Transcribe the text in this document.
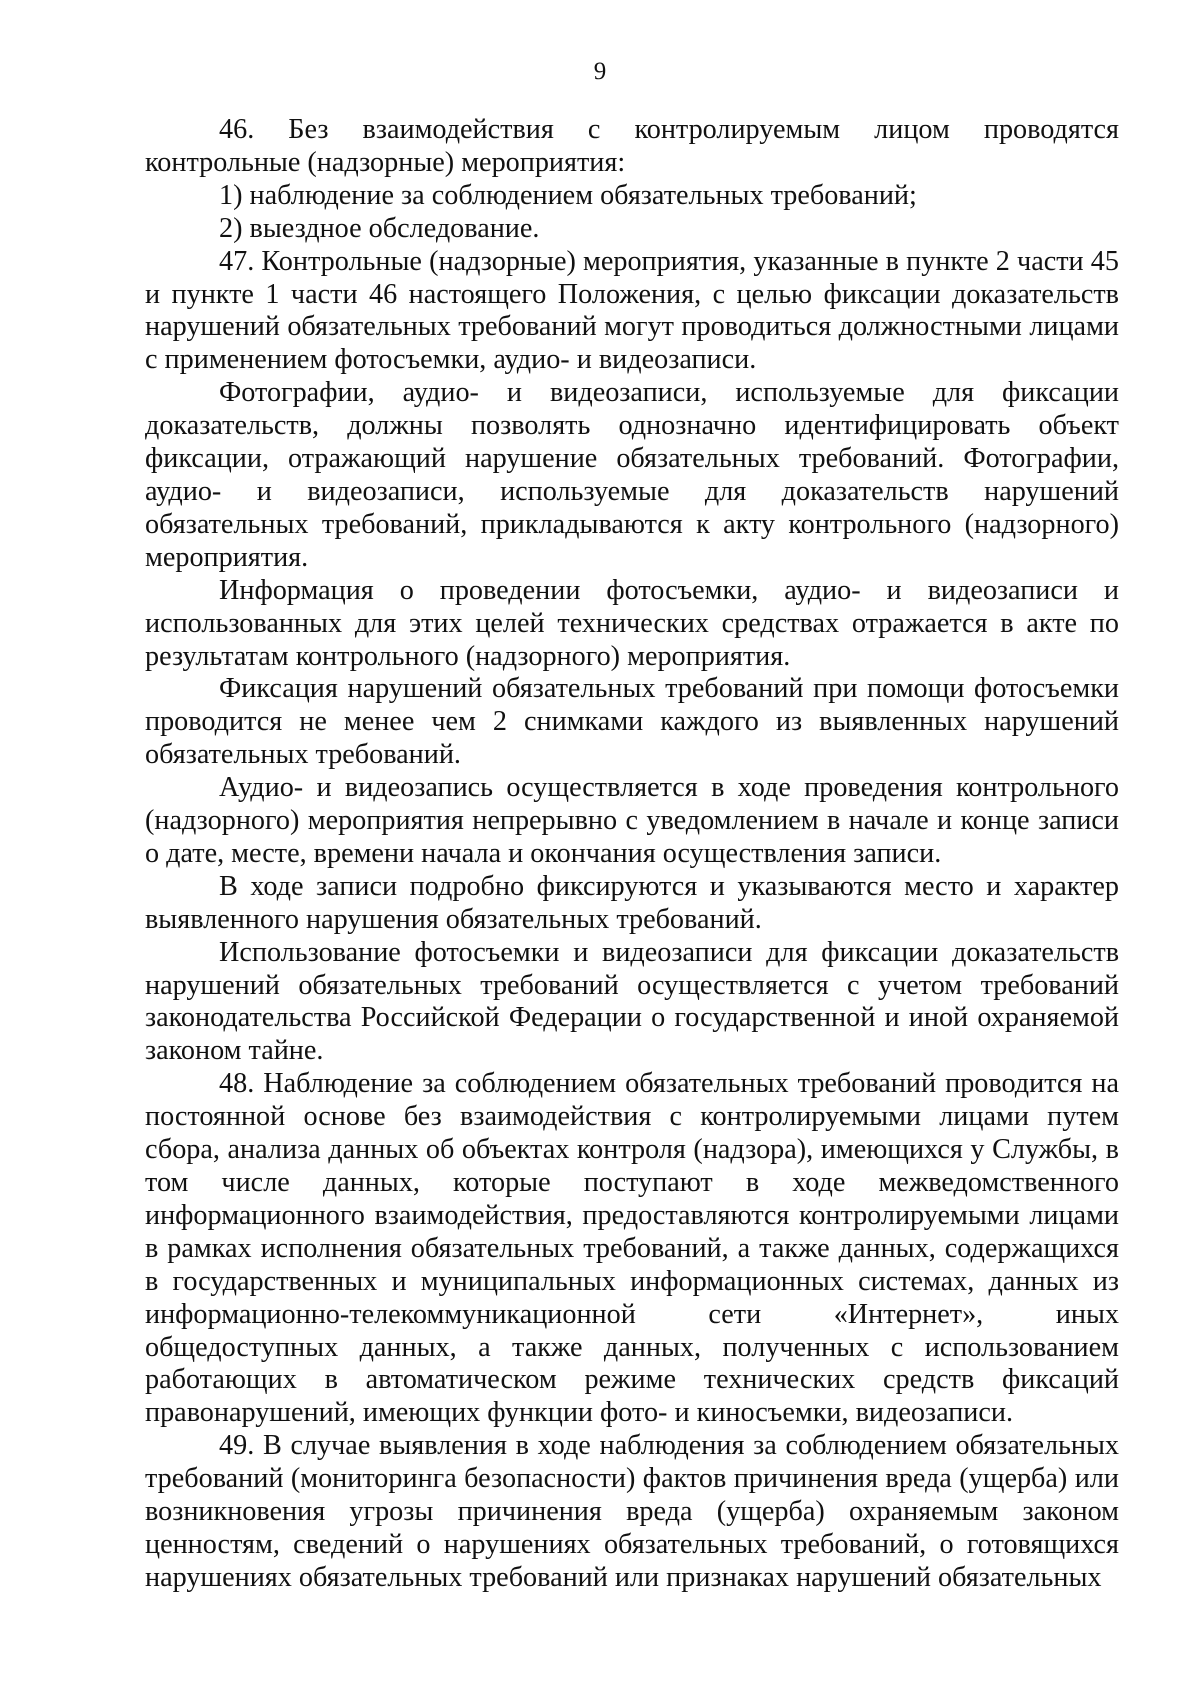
9

46. Без взаимодействия с контролируемым лицом проводятся контрольные (надзорные) мероприятия:

1) наблюдение за соблюдением обязательных требований;

2) выездное обследование.

47. Контрольные (надзорные) мероприятия, указанные в пункте 2 части 45 и пункте 1 части 46 настоящего Положения, с целью фиксации доказательств нарушений обязательных требований могут проводиться должностными лицами с применением фотосъемки, аудио- и видеозаписи.

Фотографии, аудио- и видеозаписи, используемые для фиксации доказательств, должны позволять однозначно идентифицировать объект фиксации, отражающий нарушение обязательных требований. Фотографии, аудио- и видеозаписи, используемые для доказательств нарушений обязательных требований, прикладываются к акту контрольного (надзорного) мероприятия.

Информация о проведении фотосъемки, аудио- и видеозаписи и использованных для этих целей технических средствах отражается в акте по результатам контрольного (надзорного) мероприятия.

Фиксация нарушений обязательных требований при помощи фотосъемки проводится не менее чем 2 снимками каждого из выявленных нарушений обязательных требований.

Аудио- и видеозапись осуществляется в ходе проведения контрольного (надзорного) мероприятия непрерывно с уведомлением в начале и конце записи о дате, месте, времени начала и окончания осуществления записи.

В ходе записи подробно фиксируются и указываются место и характер выявленного нарушения обязательных требований.

Использование фотосъемки и видеозаписи для фиксации доказательств нарушений обязательных требований осуществляется с учетом требований законодательства Российской Федерации о государственной и иной охраняемой законом тайне.

48. Наблюдение за соблюдением обязательных требований проводится на постоянной основе без взаимодействия с контролируемыми лицами путем сбора, анализа данных об объектах контроля (надзора), имеющихся у Службы, в том числе данных, которые поступают в ходе межведомственного информационного взаимодействия, предоставляются контролируемыми лицами в рамках исполнения обязательных требований, а также данных, содержащихся в государственных и муниципальных информационных системах, данных из информационно-телекоммуникационной сети «Интернет», иных общедоступных данных, а также данных, полученных с использованием работающих в автоматическом режиме технических средств фиксаций правонарушений, имеющих функции фото- и киносъемки, видеозаписи.

49. В случае выявления в ходе наблюдения за соблюдением обязательных требований (мониторинга безопасности) фактов причинения вреда (ущерба) или возникновения угрозы причинения вреда (ущерба) охраняемым законом ценностям, сведений о нарушениях обязательных требований, о готовящихся нарушениях обязательных требований или признаках нарушений обязательных
